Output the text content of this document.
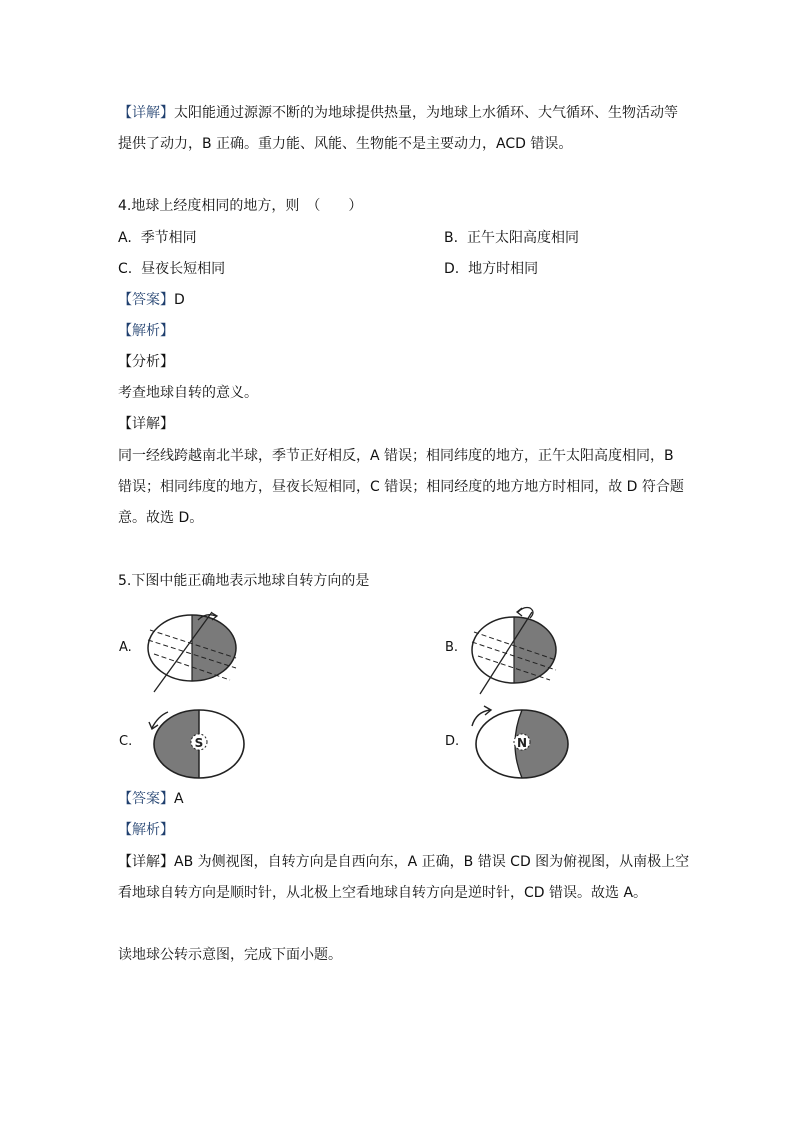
【详解】太阳能通过源源不断的为地球提供热量，为地球上水循环、大气循环、生物活动等
提供了动力，B 正确。重力能、风能、生物能不是主要动力，ACD 错误。
4.地球上经度相同的地方，则　（　　）
A. 季节相同	B. 正午太阳高度相同
C. 昼夜长短相同	D. 地方时相同
【答案】D
【解析】
【分析】
考查地球自转的意义。
【详解】
同一经线跨越南北半球，季节正好相反，A 错误；相同纬度的地方，正午太阳高度相同，B
错误；相同纬度的地方，昼夜长短相同，C 错误；相同经度的地方地方时相同，故 D 符合题
意。故选 D。
5.下图中能正确地表示地球自转方向的是
A.	B.
C.	S	D.	N
【答案】A
【解析】
【详解】AB 为侧视图，自转方向是自西向东，A 正确，B 错误 CD 图为俯视图，从南极上空
看地球自转方向是顺时针，从北极上空看地球自转方向是逆时针，CD 错误。故选 A。
读地球公转示意图，完成下面小题。
